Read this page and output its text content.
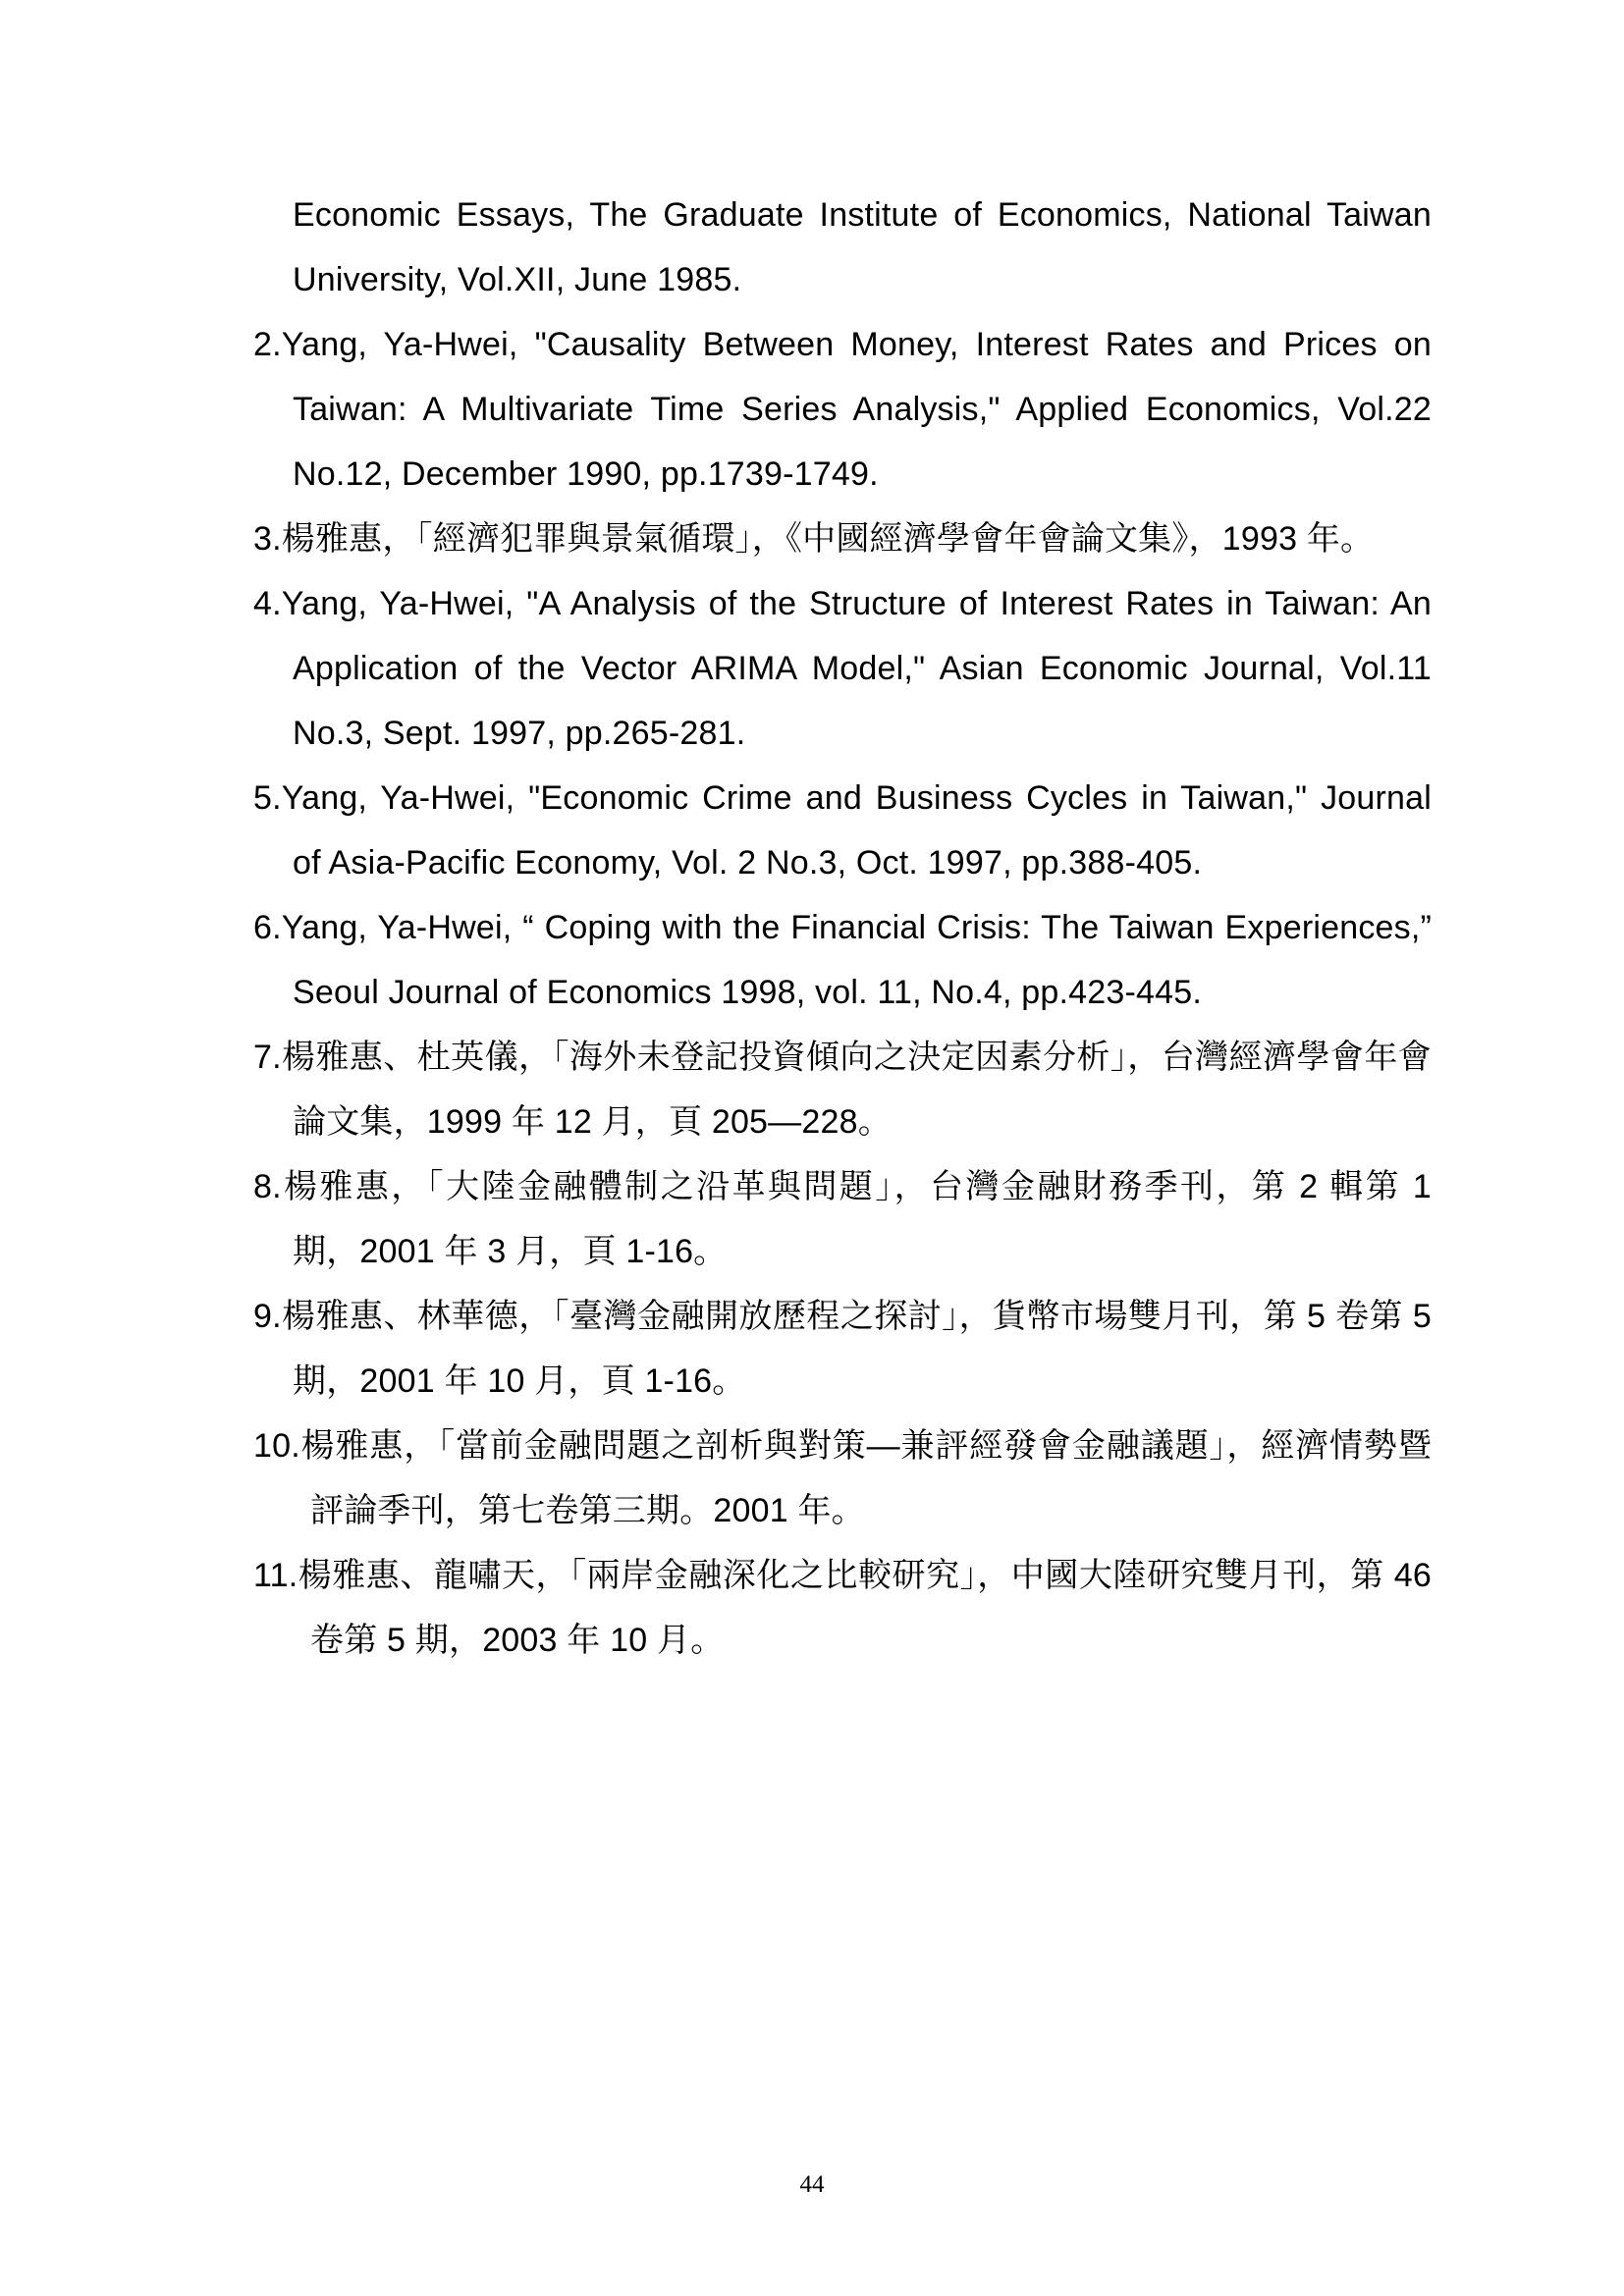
Economic Essays, The Graduate Institute of Economics, National Taiwan University, Vol.XII, June 1985.

2.Yang, Ya-Hwei, "Causality Between Money, Interest Rates and Prices on Taiwan: A Multivariate Time Series Analysis," Applied Economics, Vol.22 No.12, December 1990, pp.1739-1749.

3.楊雅惠，「經濟犯罪與景氣循環」，《中國經濟學會年會論文集》，1993 年。

4.Yang, Ya-Hwei, "A Analysis of the Structure of Interest Rates in Taiwan: An Application of the Vector ARIMA Model," Asian Economic Journal, Vol.11 No.3, Sept. 1997, pp.265-281.

5.Yang, Ya-Hwei, "Economic Crime and Business Cycles in Taiwan," Journal of Asia-Pacific Economy, Vol. 2 No.3, Oct. 1997, pp.388-405.

6.Yang, Ya-Hwei, “ Coping with the Financial Crisis: The Taiwan Experiences,” Seoul Journal of Economics 1998, vol. 11, No.4, pp.423-445.

7.楊雅惠、杜英儀，「海外未登記投資傾向之決定因素分析」，台灣經濟學會年會論文集，1999 年 12 月，頁 205—228。

8.楊雅惠，「大陸金融體制之沿革與問題」，台灣金融財務季刊，第 2 輯第 1 期，2001 年 3 月，頁 1-16。

9.楊雅惠、林華德，「臺灣金融開放歷程之探討」，貨幣市場雙月刊，第 5 卷第 5 期，2001 年 10 月，頁 1-16。

10.楊雅惠，「當前金融問題之剖析與對策—兼評經發會金融議題」，經濟情勢暨評論季刊，第七卷第三期。2001 年。

11.楊雅惠、龍嘯天，「兩岸金融深化之比較研究」，中國大陸研究雙月刊，第 46 卷第 5 期，2003 年 10 月。

44
